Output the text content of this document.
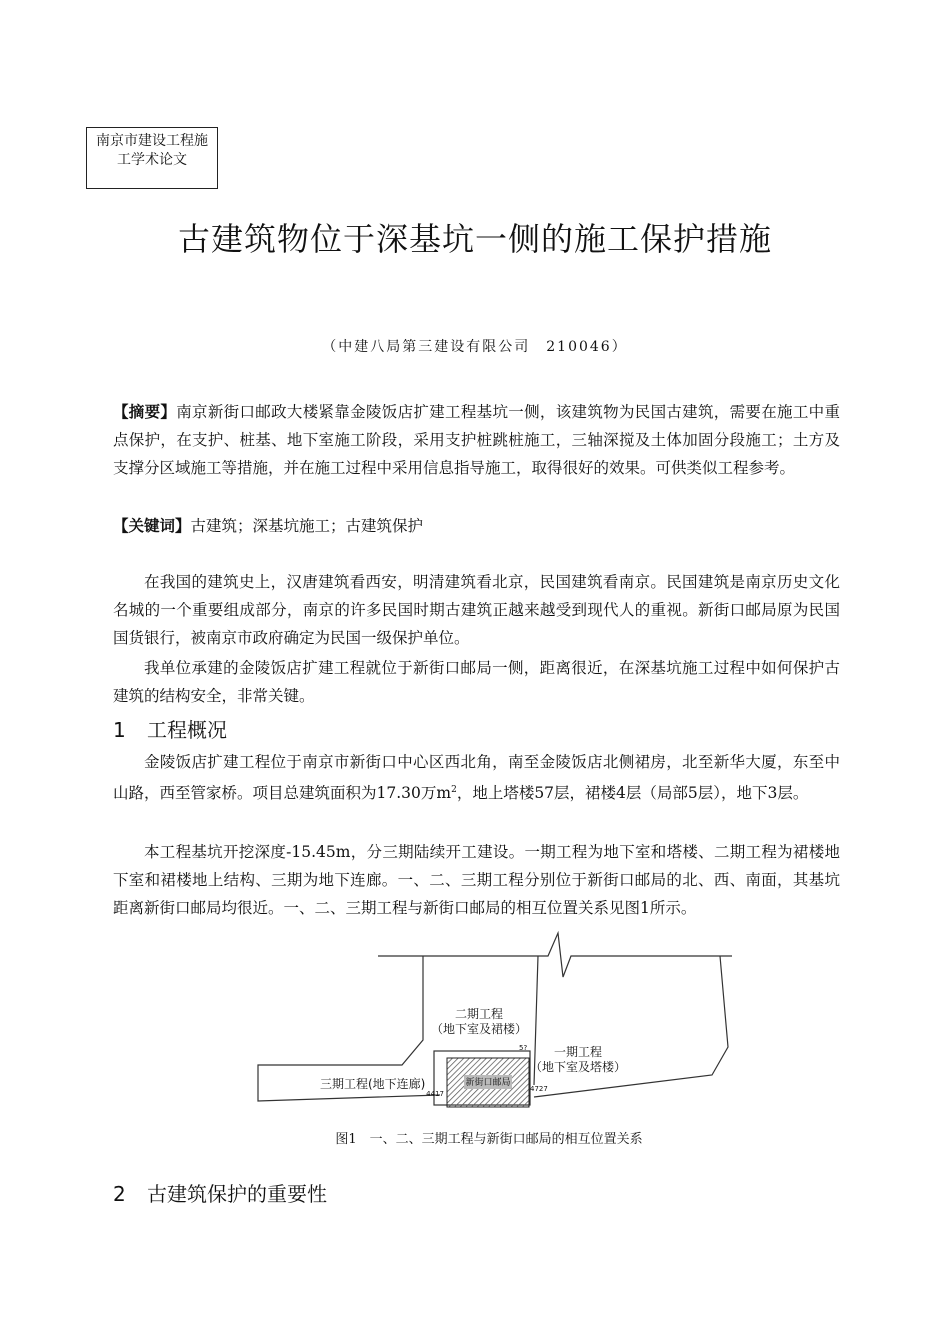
南京市建设工程施工学术论文
古建筑物位于深基坑一侧的施工保护措施

（中建八局第三建设有限公司　210046）

【摘要】南京新街口邮政大楼紧靠金陵饭店扩建工程基坑一侧，该建筑物为民国古建筑，需要在施工中重点保护，在支护、桩基、地下室施工阶段，采用支护桩跳桩施工，三轴深搅及土体加固分段施工；土方及支撑分区域施工等措施，并在施工过程中采用信息指导施工，取得很好的效果。可供类似工程参考。

【关键词】古建筑；深基坑施工；古建筑保护

在我国的建筑史上，汉唐建筑看西安，明清建筑看北京，民国建筑看南京。民国建筑是南京历史文化名城的一个重要组成部分，南京的许多民国时期古建筑正越来越受到现代人的重视。新街口邮局原为民国国货银行，被南京市政府确定为民国一级保护单位。

我单位承建的金陵饭店扩建工程就位于新街口邮局一侧，距离很近，在深基坑施工过程中如何保护古建筑的结构安全，非常关键。

1 工程概况

金陵饭店扩建工程位于南京市新街口中心区西北角，南至金陵饭店北侧裙房，北至新华大厦，东至中山路，西至管家桥。项目总建筑面积为17.30万$m^2$，地上塔楼57层，裙楼4层（局部5层），地下3层。

本工程基坑开挖深度-15.45m，分三期陆续开工建设。一期工程为地下室和塔楼、二期工程为裙楼地下室和裙楼地上结构、三期为地下连廊。一、二、三期工程分别位于新街口邮局的北、西、南面，其基坑距离新街口邮局均很近。一、二、三期工程与新街口邮局的相互位置关系见图1所示。

二期工程
（地下室及裙楼）
一期工程
（地下室及塔楼）
三期工程(地下连廊)	新街口邮局
4417
4727
5?

图1　一、二、三期工程与新街口邮局的相互位置关系

2 古建筑保护的重要性
